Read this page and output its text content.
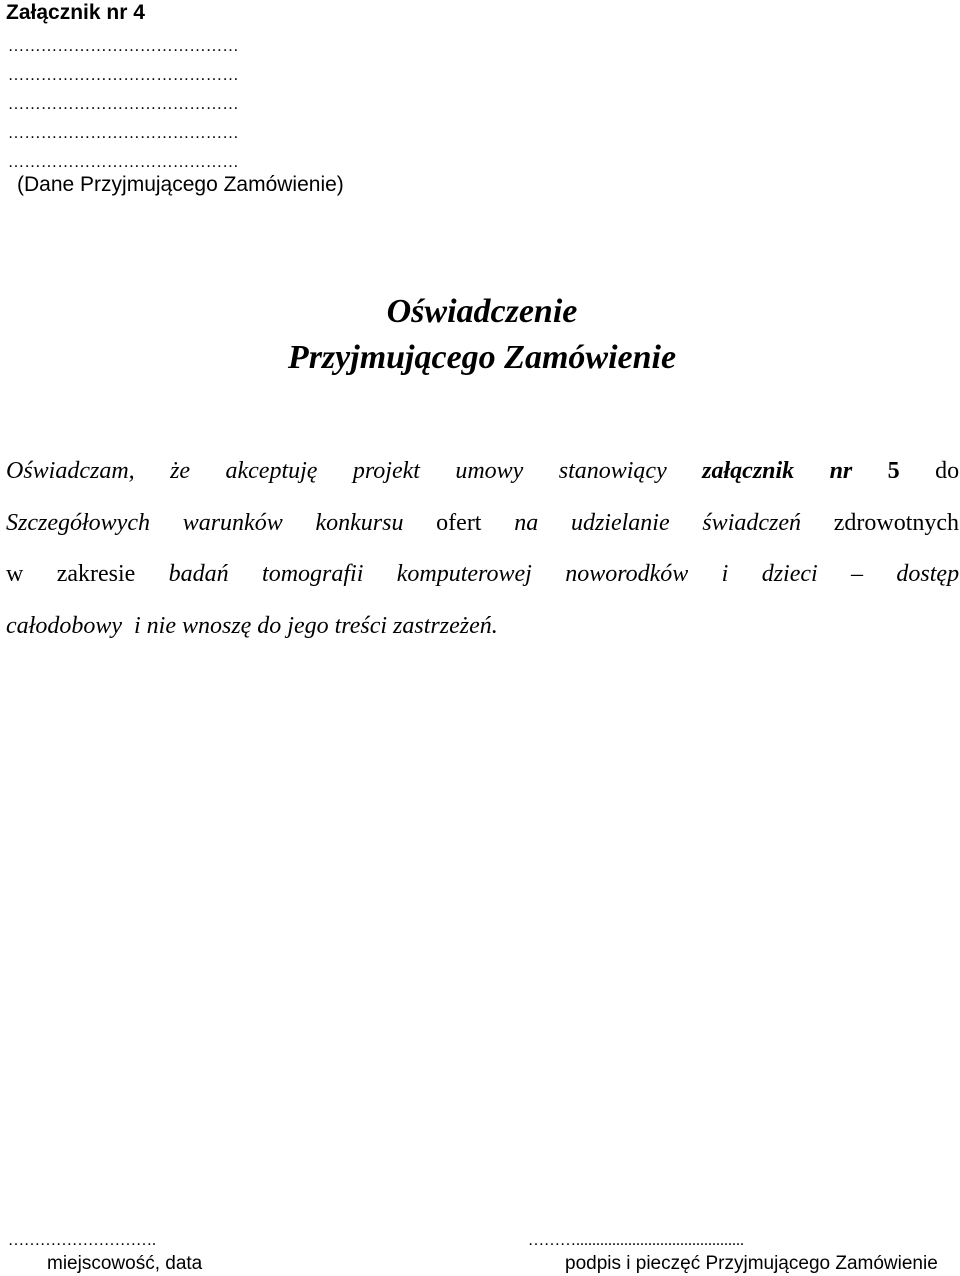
Załącznik nr 4
……………………………………
……………………………………
……………………………………
……………………………………
……………………………………
(Dane Przyjmującego Zamówienie)
Oświadczenie
Przyjmującego Zamówienie
Oświadczam, że akceptuję projekt umowy stanowiący załącznik nr 5 do
Szczegółowych warunków konkursu ofert na udzielanie świadczeń zdrowotnych
w zakresie badań tomografii komputerowej noworodków i dzieci – dostęp
całodobowy  i nie wnoszę do jego treści zastrzeżeń.
……………………….	………..........................................
miejscowość, data	podpis i pieczęć Przyjmującego Zamówienie
